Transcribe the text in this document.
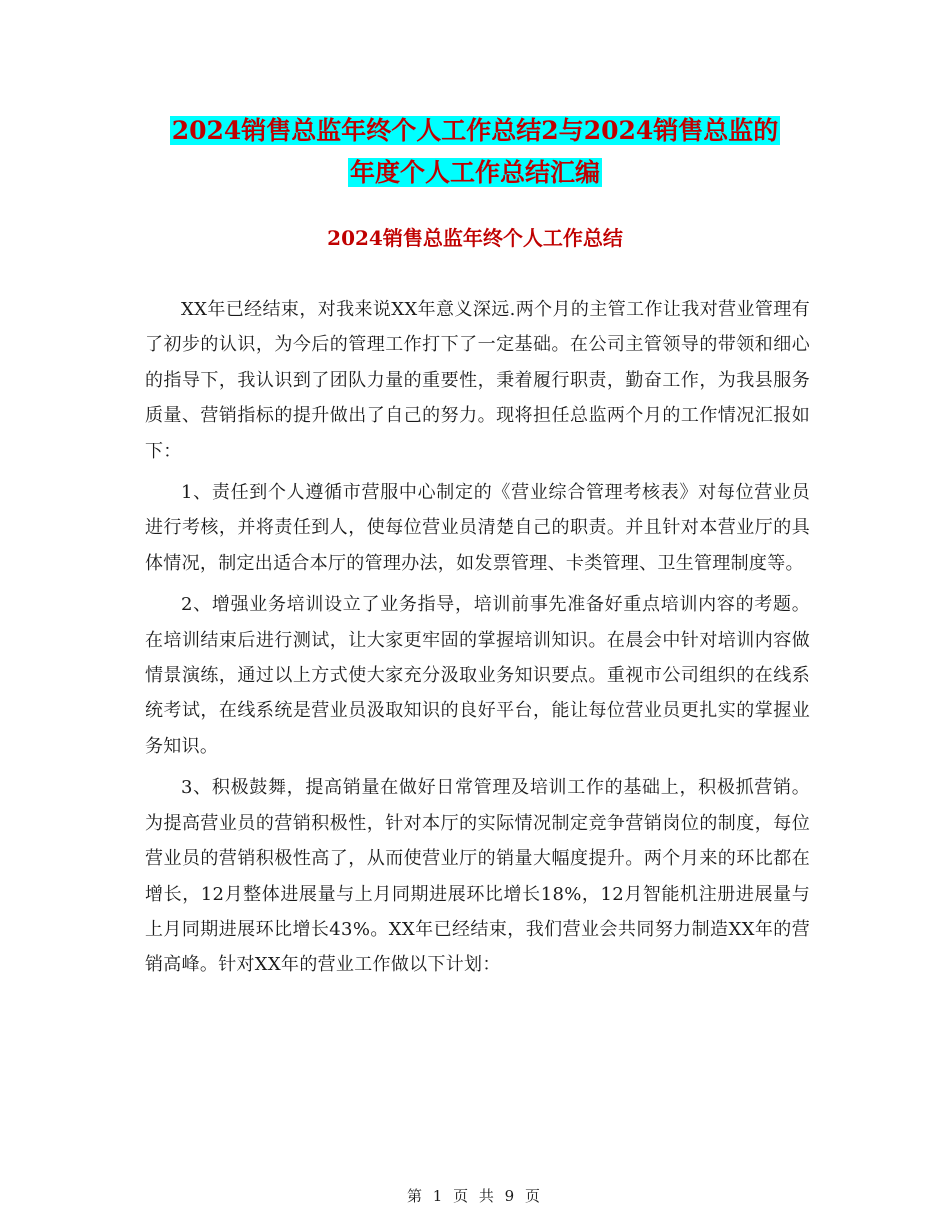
2024销售总监年终个人工作总结2与2024销售总监的
年度个人工作总结汇编
2024销售总监年终个人工作总结

XX年已经结束，对我来说XX年意义深远.两个月的主管工作让我对营业管理有了初步的认识，为今后的管理工作打下了一定基础。在公司主管领导的带领和细心的指导下，我认识到了团队力量的重要性，秉着履行职责，勤奋工作，为我县服务质量、营销指标的提升做出了自己的努力。现将担任总监两个月的工作情况汇报如下：

1、责任到个人遵循市营服中心制定的《营业综合管理考核表》对每位营业员进行考核，并将责任到人，使每位营业员清楚自己的职责。并且针对本营业厅的具体情况，制定出适合本厅的管理办法，如发票管理、卡类管理、卫生管理制度等。

2、增强业务培训设立了业务指导，培训前事先准备好重点培训内容的考题。在培训结束后进行测试，让大家更牢固的掌握培训知识。在晨会中针对培训内容做情景演练，通过以上方式使大家充分汲取业务知识要点。重视市公司组织的在线系统考试，在线系统是营业员汲取知识的良好平台，能让每位营业员更扎实的掌握业务知识。

3、积极鼓舞，提高销量在做好日常管理及培训工作的基础上，积极抓营销。为提高营业员的营销积极性，针对本厅的实际情况制定竞争营销岗位的制度，每位营业员的营销积极性高了，从而使营业厅的销量大幅度提升。两个月来的环比都在增长，12月整体进展量与上月同期进展环比增长18%，12月智能机注册进展量与上月同期进展环比增长43%。XX年已经结束，我们营业会共同努力制造XX年的营销高峰。针对XX年的营业工作做以下计划：

第 1 页 共 9 页
